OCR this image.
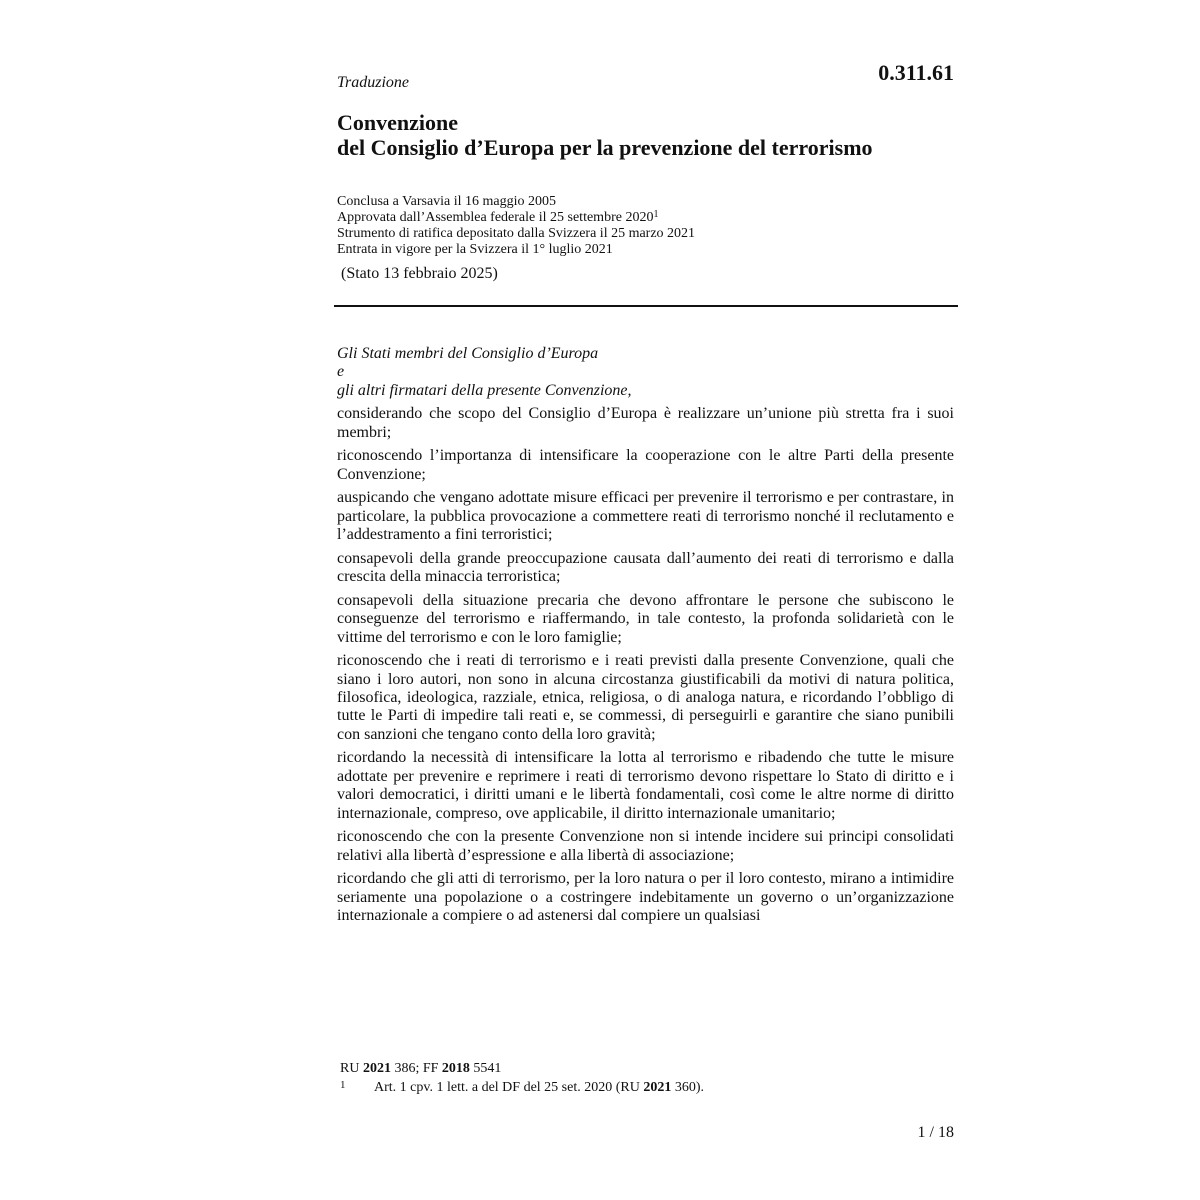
Traduzione	0.311.61
Convenzione
del Consiglio d’Europa per la prevenzione del terrorismo
Conclusa a Varsavia il 16 maggio 2005
Approvata dall’Assemblea federale il 25 settembre 2020$^1$
Strumento di ratifica depositato dalla Svizzera il 25 marzo 2021
Entrata in vigore per la Svizzera il 1° luglio 2021
(Stato 13 febbraio 2025)
Gli Stati membri del Consiglio d’Europa
e
gli altri firmatari della presente Convenzione,

considerando che scopo del Consiglio d’Europa è realizzare un’unione più stretta fra i suoi membri;

riconoscendo l’importanza di intensificare la cooperazione con le altre Parti della presente Convenzione;

auspicando che vengano adottate misure efficaci per prevenire il terrorismo e per contrastare, in particolare, la pubblica provocazione a commettere reati di terrorismo nonché il reclutamento e l’addestramento a fini terroristici;

consapevoli della grande preoccupazione causata dall’aumento dei reati di terrorismo e dalla crescita della minaccia terroristica;

consapevoli della situazione precaria che devono affrontare le persone che subiscono le conseguenze del terrorismo e riaffermando, in tale contesto, la profonda solidarietà con le vittime del terrorismo e con le loro famiglie;

riconoscendo che i reati di terrorismo e i reati previsti dalla presente Convenzione, quali che siano i loro autori, non sono in alcuna circostanza giustificabili da motivi di natura politica, filosofica, ideologica, razziale, etnica, religiosa, o di analoga natura, e ricordando l’obbligo di tutte le Parti di impedire tali reati e, se commessi, di perseguirli e garantire che siano punibili con sanzioni che tengano conto della loro gravità;

ricordando la necessità di intensificare la lotta al terrorismo e ribadendo che tutte le misure adottate per prevenire e reprimere i reati di terrorismo devono rispettare lo Stato di diritto e i valori democratici, i diritti umani e le libertà fondamentali, così come le altre norme di diritto internazionale, compreso, ove applicabile, il diritto internazionale umanitario;

riconoscendo che con la presente Convenzione non si intende incidere sui principi consolidati relativi alla libertà d’espressione e alla libertà di associazione;

ricordando che gli atti di terrorismo, per la loro natura o per il loro contesto, mirano a intimidire seriamente una popolazione o a costringere indebitamente un governo o un’organizzazione internazionale a compiere o ad astenersi dal compiere un qualsiasi

RU 2021 386; FF 2018 5541
1 Art. 1 cpv. 1 lett. a del DF del 25 set. 2020 (RU 2021 360).
1 / 18
